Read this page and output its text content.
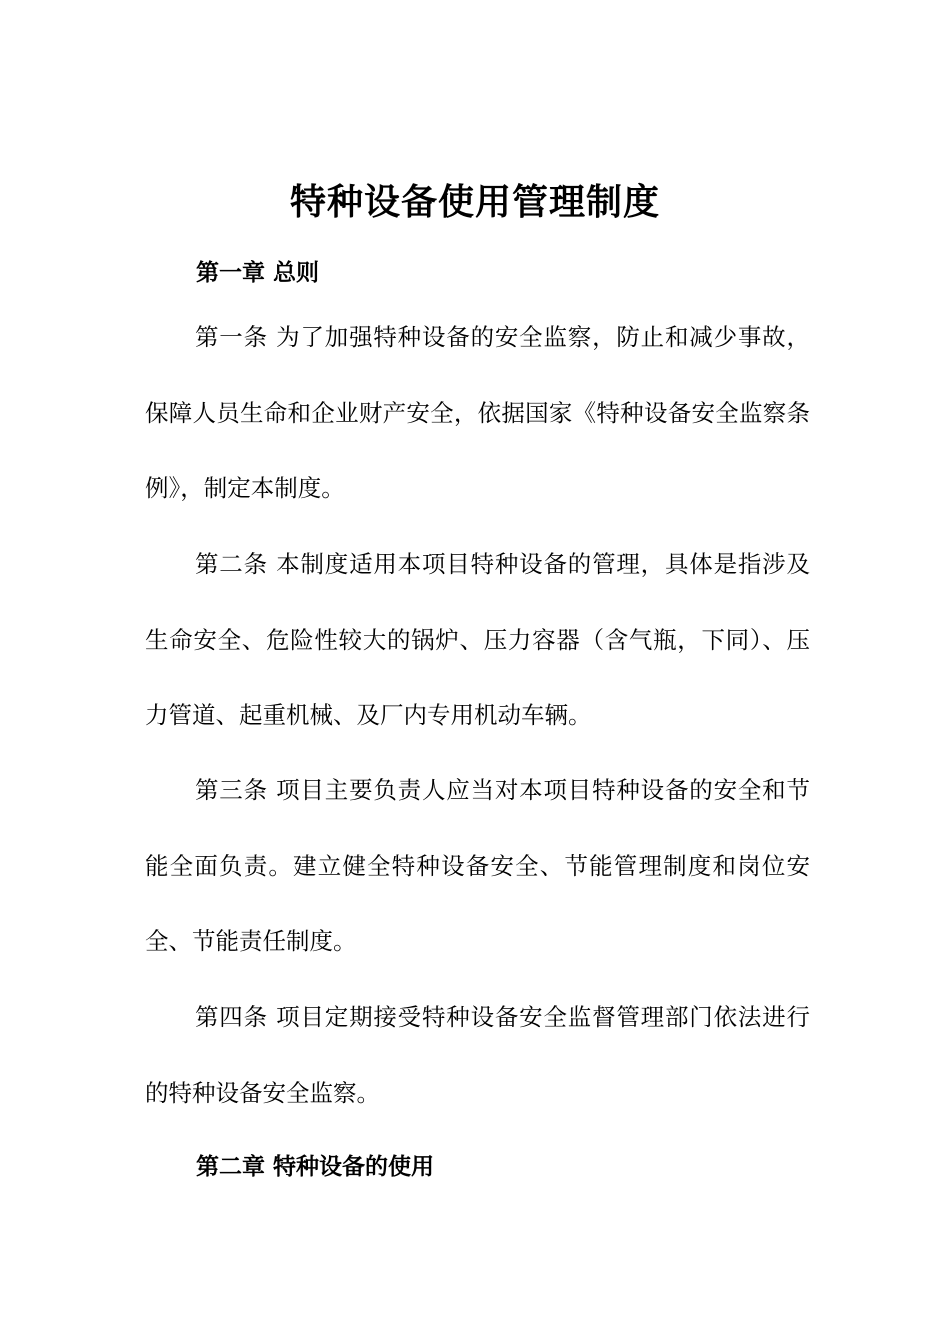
特种设备使用管理制度
第一章 总则

第一条 为了加强特种设备的安全监察，防止和减少事故，保障人员生命和企业财产安全，依据国家《特种设备安全监察条例》，制定本制度。

第二条 本制度适用本项目特种设备的管理，具体是指涉及生命安全、危险性较大的锅炉、压力容器（含气瓶，下同）、压力管道、起重机械、及厂内专用机动车辆。

第三条 项目主要负责人应当对本项目特种设备的安全和节能全面负责。建立健全特种设备安全、节能管理制度和岗位安全、节能责任制度。

第四条 项目定期接受特种设备安全监督管理部门依法进行的特种设备安全监察。

第二章 特种设备的使用
